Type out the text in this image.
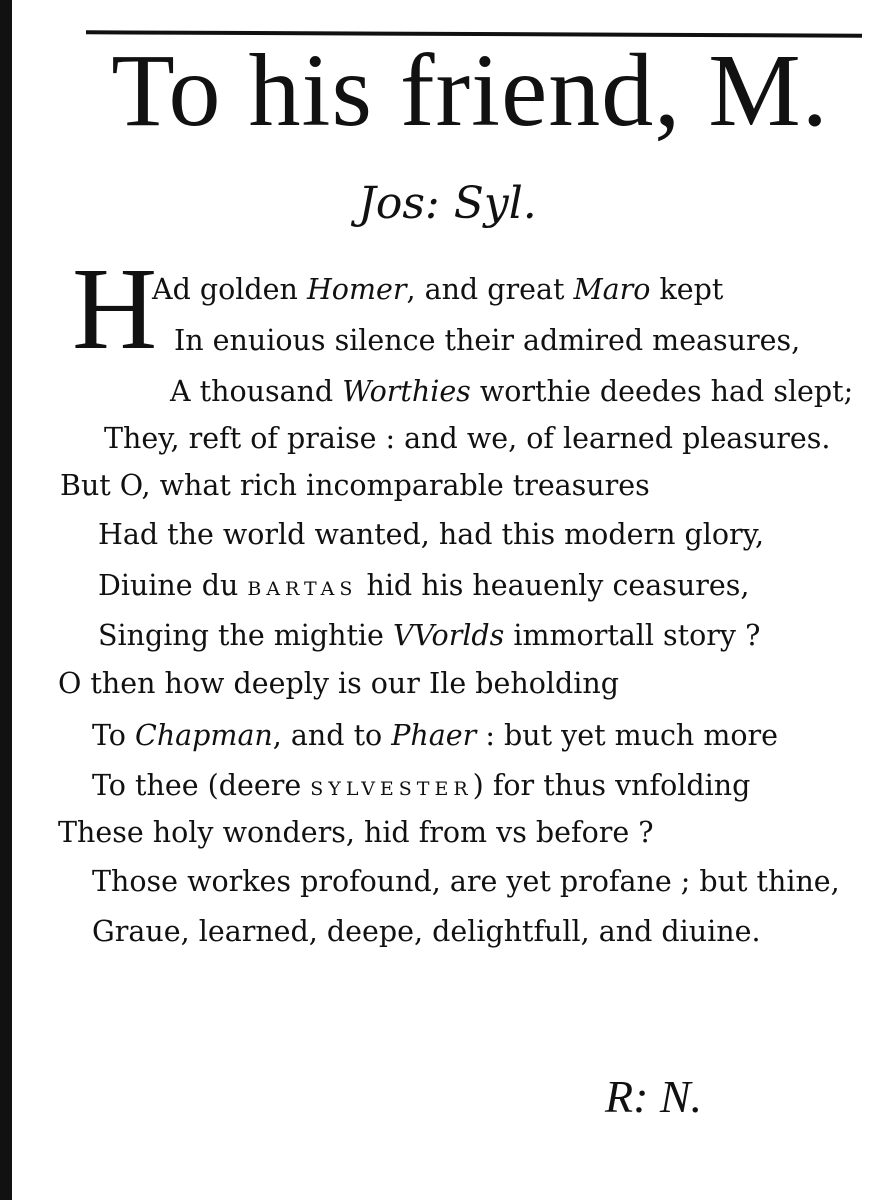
To his friend, M.
Jos: Syl.
H
Ad golden Homer, and great Maro kept
In enuious silence their admired measures,
A thousand Worthies worthie deedes had slept;
They, reft of praise : and we, of learned pleasures.
But O, what rich incomparable treasures
Had the world wanted, had this modern glory,
Diuine du BARTAS hid his heauenly ceasures,
Singing the mightie VVorlds immortall story ?
O then how deeply is our Ile beholding
To Chapman, and to Phaer : but yet much more
To thee (deere SYLVESTER) for thus vnfolding
These holy wonders, hid from vs before ?
Those workes profound, are yet profane ; but thine,
Graue, learned, deepe, delightfull, and diuine.
R: N.
